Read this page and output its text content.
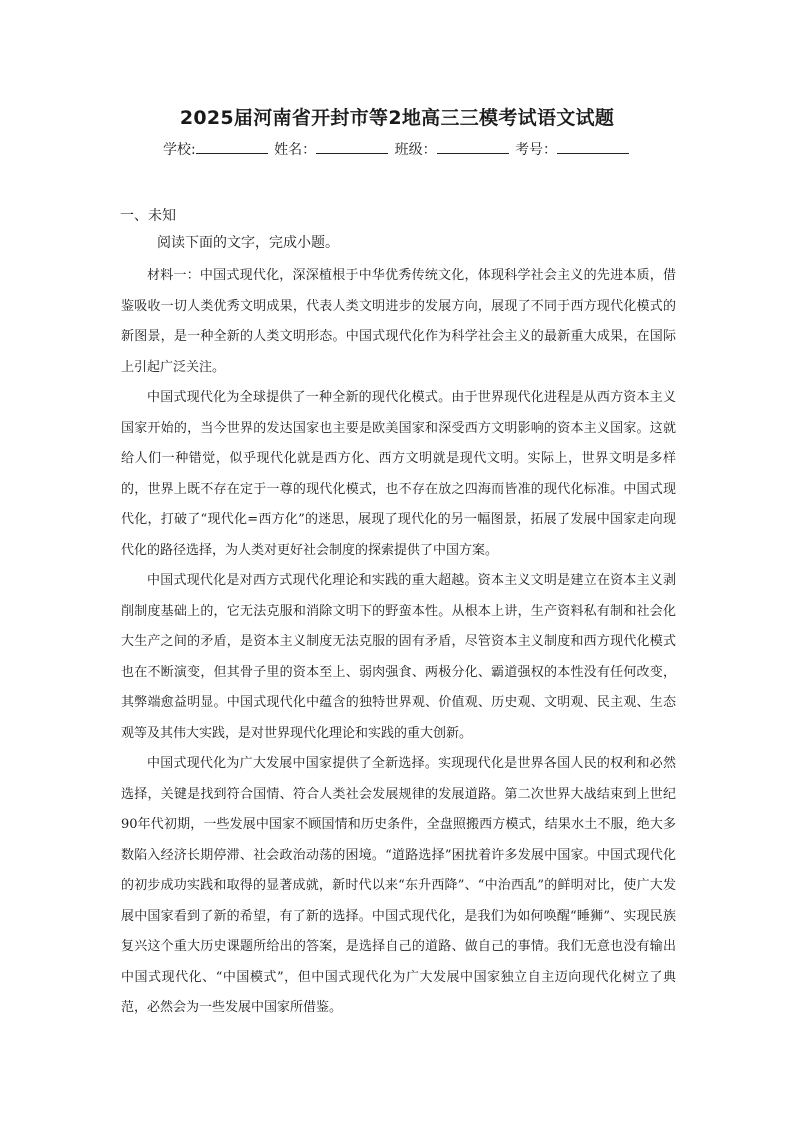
2025届河南省开封市等2地高三三模考试语文试题
学校:	姓名：	班级：	考号：
一、未知
阅读下面的文字，完成小题。

材料一：中国式现代化，深深植根于中华优秀传统文化，体现科学社会主义的先进本质，借鉴吸收一切人类优秀文明成果，代表人类文明进步的发展方向，展现了不同于西方现代化模式的新图景，是一种全新的人类文明形态。中国式现代化作为科学社会主义的最新重大成果，在国际上引起广泛关注。

中国式现代化为全球提供了一种全新的现代化模式。由于世界现代化进程是从西方资本主义国家开始的，当今世界的发达国家也主要是欧美国家和深受西方文明影响的资本主义国家。这就给人们一种错觉，似乎现代化就是西方化、西方文明就是现代文明。实际上，世界文明是多样的，世界上既不存在定于一尊的现代化模式，也不存在放之四海而皆准的现代化标准。中国式现代化，打破了“现代化=西方化”的迷思，展现了现代化的另一幅图景，拓展了发展中国家走向现代化的路径选择，为人类对更好社会制度的探索提供了中国方案。

中国式现代化是对西方式现代化理论和实践的重大超越。资本主义文明是建立在资本主义剥削制度基础上的，它无法克服和消除文明下的野蛮本性。从根本上讲，生产资料私有制和社会化大生产之间的矛盾，是资本主义制度无法克服的固有矛盾，尽管资本主义制度和西方现代化模式也在不断演变，但其骨子里的资本至上、弱肉强食、两极分化、霸道强权的本性没有任何改变，其弊端愈益明显。中国式现代化中蕴含的独特世界观、价值观、历史观、文明观、民主观、生态观等及其伟大实践，是对世界现代化理论和实践的重大创新。

中国式现代化为广大发展中国家提供了全新选择。实现现代化是世界各国人民的权利和必然选择，关键是找到符合国情、符合人类社会发展规律的发展道路。第二次世界大战结束到上世纪90年代初期，一些发展中国家不顾国情和历史条件，全盘照搬西方模式，结果水土不服，绝大多数陷入经济长期停滞、社会政治动荡的困境。“道路选择”困扰着许多发展中国家。中国式现代化的初步成功实践和取得的显著成就，新时代以来“东升西降”、“中治西乱”的鲜明对比，使广大发展中国家看到了新的希望，有了新的选择。中国式现代化，是我们为如何唤醒“睡狮”、实现民族复兴这个重大历史课题所给出的答案，是选择自己的道路、做自己的事情。我们无意也没有输出中国式现代化、“中国模式”，但中国式现代化为广大发展中国家独立自主迈向现代化树立了典范，必然会为一些发展中国家所借鉴。
